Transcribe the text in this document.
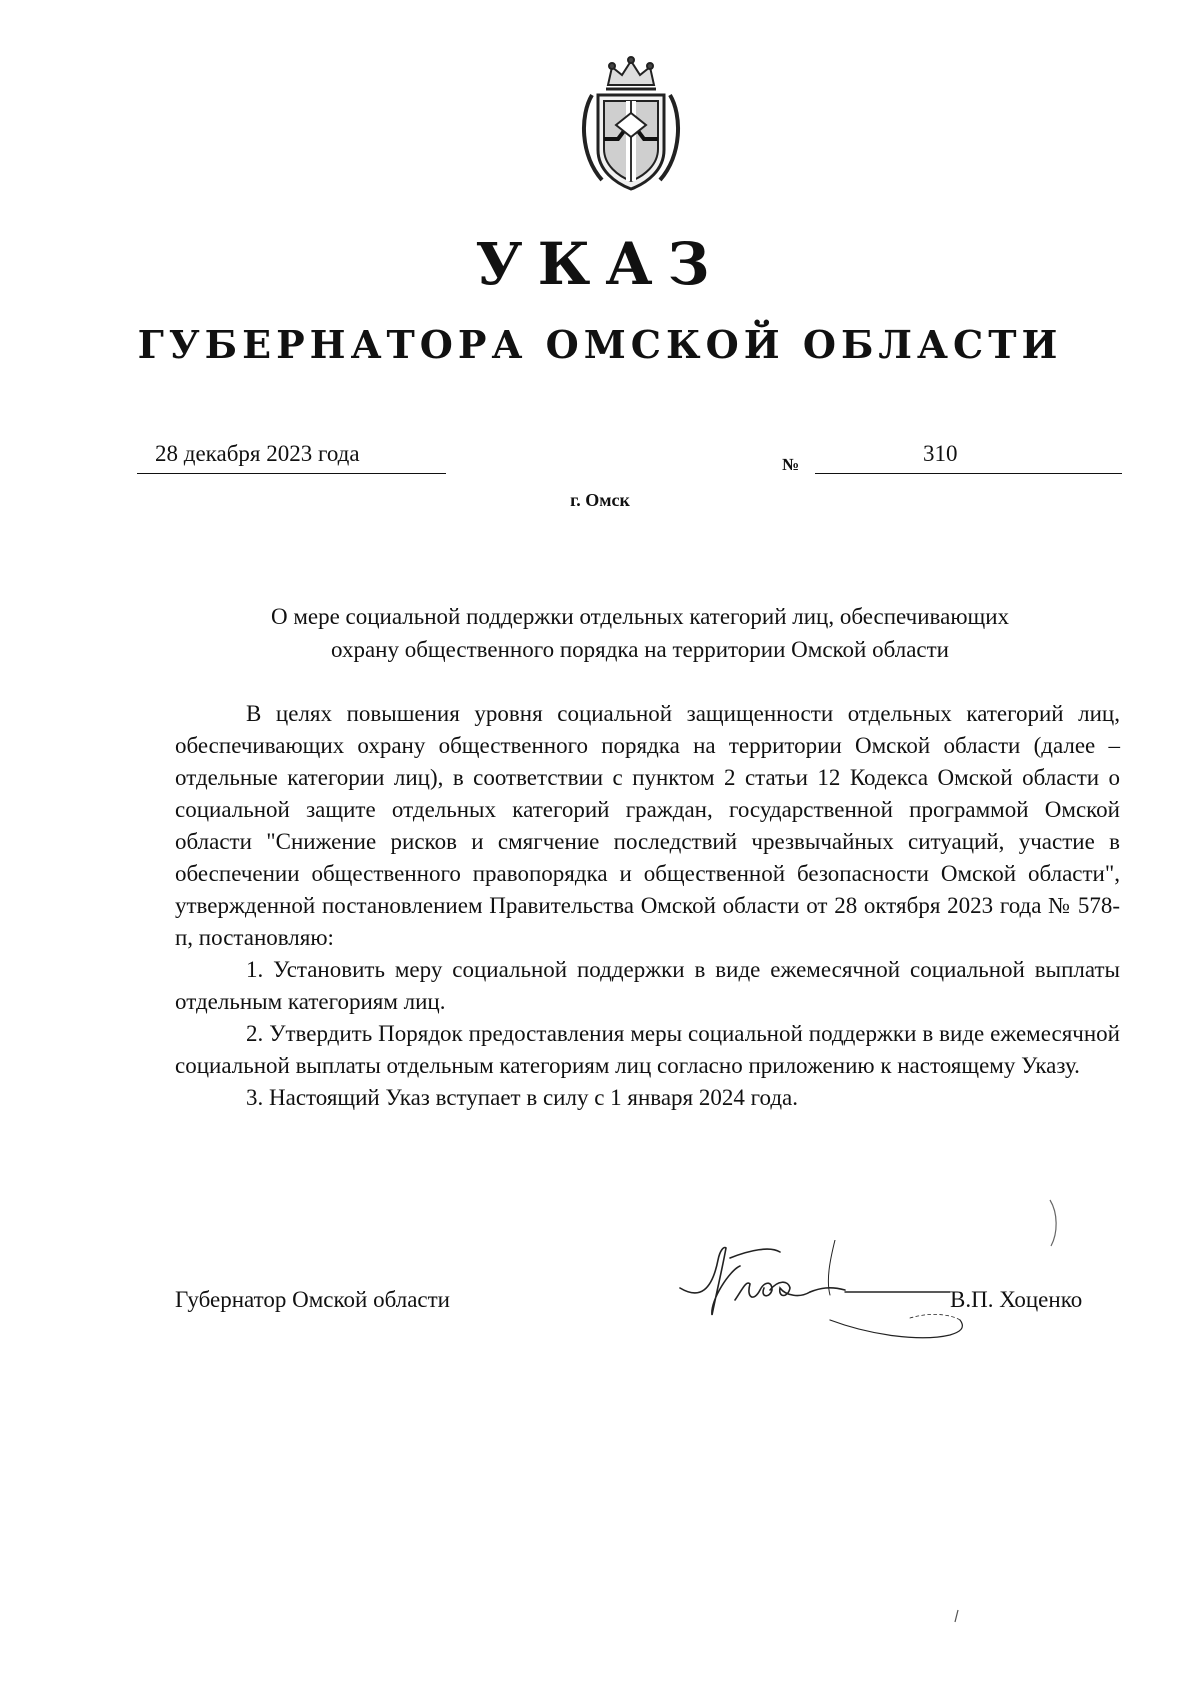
УКАЗ
ГУБЕРНАТОРА ОМСКОЙ ОБЛАСТИ
28 декабря 2023 года	№	310
г. Омск
О мере социальной поддержки отдельных категорий лиц, обеспечивающих
охрану общественного порядка на территории Омской области

В целях повышения уровня социальной защищенности отдельных категорий лиц, обеспечивающих охрану общественного порядка на территории Омской области (далее – отдельные категории лиц), в соответствии с пунктом 2 статьи 12 Кодекса Омской области о социальной защите отдельных категорий граждан, государственной программой Омской области "Снижение рисков и смягчение последствий чрезвычайных ситуаций, участие в обеспечении общественного правопорядка и общественной безопасности Омской области", утвержденной постановлением Правительства Омской области от 28 октября 2023 года № 578-п, постановляю:

1. Установить меру социальной поддержки в виде ежемесячной социальной выплаты отдельным категориям лиц.

2. Утвердить Порядок предоставления меры социальной поддержки в виде ежемесячной социальной выплаты отдельным категориям лиц согласно приложению к настоящему Указу.

3. Настоящий Указ вступает в силу с 1 января 2024 года.

Губернатор Омской области	В.П. Хоценко
